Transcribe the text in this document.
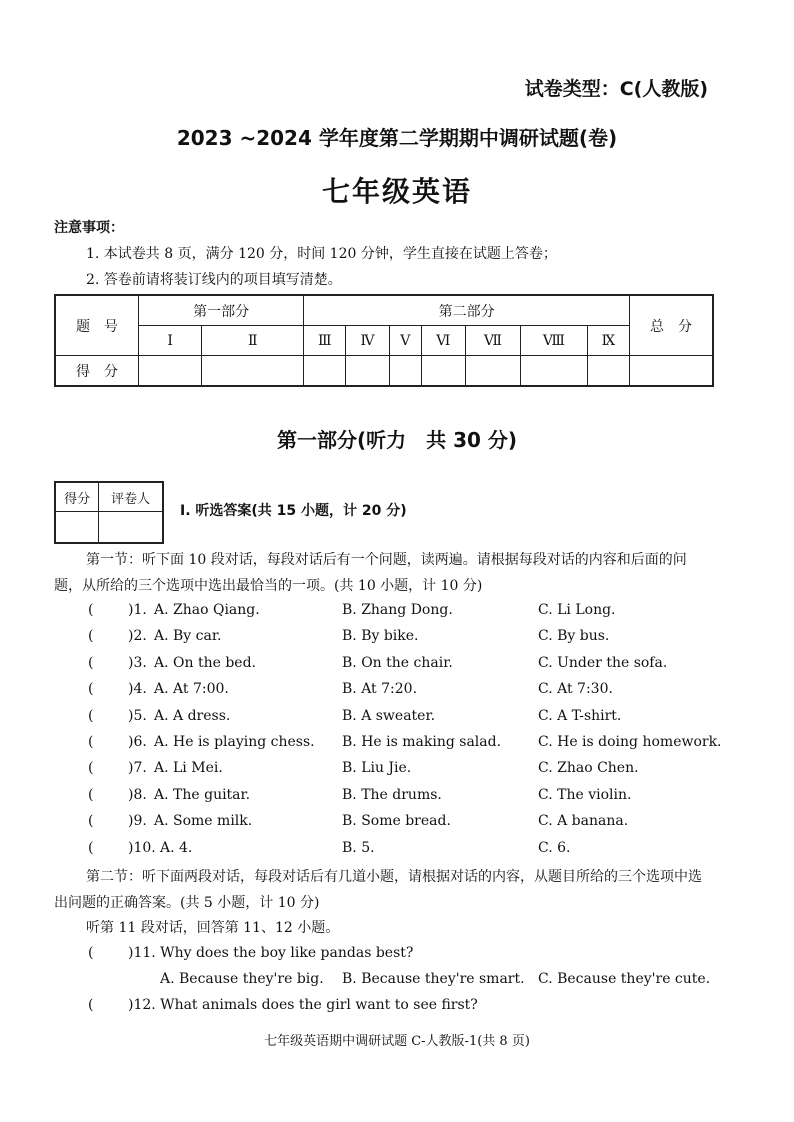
试卷类型：C(人教版)
2023 ~2024 学年度第二学期期中调研试题(卷)
七年级英语
注意事项：
1. 本试卷共 8 页，满分 120 分，时间 120 分钟，学生直接在试题上答卷；
2. 答卷前请将装订线内的项目填写清楚。
题　号	第一部分		第二部分							总　分
	Ⅰ	Ⅱ	Ⅲ	Ⅳ	Ⅴ	Ⅵ	Ⅶ	Ⅷ	Ⅸ	
得　分										
第一部分(听力　共 30 分)
得分	评卷人

Ⅰ. 听选答案(共 15 小题，计 20 分)
第一节：听下面 10 段对话，每段对话后有一个问题，读两遍。请根据每段对话的内容和后面的问题，从所给的三个选项中选出最恰当的一项。(共 10 小题，计 10 分)
( )1. A. Zhao Qiang.	B. Zhang Dong.	C. Li Long.
( )2. A. By car.	B. By bike.	C. By bus.
( )3. A. On the bed.	B. On the chair.	C. Under the sofa.
( )4. A. At 7:00.	B. At 7:20.	C. At 7:30.
( )5. A. A dress.	B. A sweater.	C. A T-shirt.
( )6. A. He is playing chess. B. He is making salad.	C. He is doing homework.
( )7. A. Li Mei.	B. Liu Jie.	C. Zhao Chen.
( )8. A. The guitar.	B. The drums.	C. The violin.
( )9. A. Some milk.	B. Some bread.	C. A banana.
( )10. A. 4.	B. 5.	C. 6.
第二节：听下面两段对话，每段对话后有几道小题，请根据对话的内容，从题目所给的三个选项中选出问题的正确答案。(共 5 小题，计 10 分)
听第 11 段对话，回答第 11、12 小题。
( )11. Why does the boy like pandas best?
A. Because they're big. B. Because they're smart. C. Because they're cute.
( )12. What animals does the girl want to see first?
七年级英语期中调研试题 C-人教版-1(共 8 页)
